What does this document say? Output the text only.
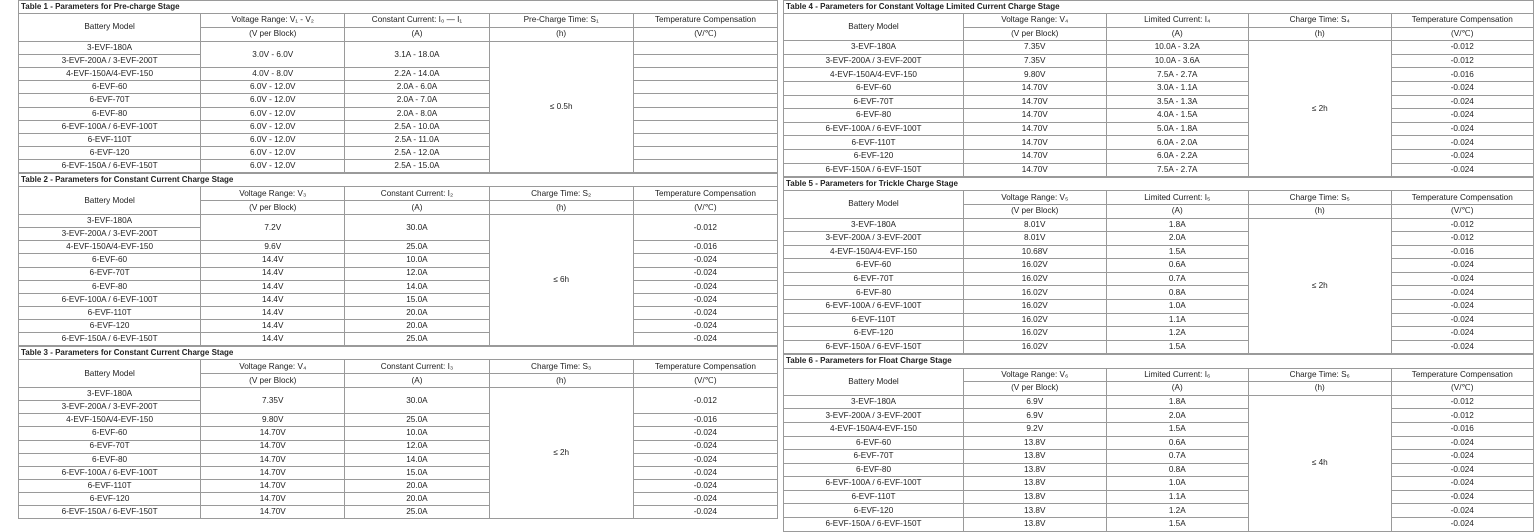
Table 1 - Parameters for Pre-charge Stage				
Battery Model	Voltage Range: V₁ - V₂	Constant Current: I₀ — I₁	Pre-Charge Time: S₁	Temperature Compensation
	(V per Block)	(A)	(h)	(V/℃)
3-EVF-180A	3.0V - 6.0V	3.1A - 18.0A	≤ 0.5h	
3-EVF-200A / 3-EVF-200T				
4-EVF-150A/4-EVF-150	4.0V - 8.0V	2.2A - 14.0A		
6-EVF-60	6.0V - 12.0V	2.0A - 6.0A		
6-EVF-70T	6.0V - 12.0V	2.0A - 7.0A		
6-EVF-80	6.0V - 12.0V	2.0A - 8.0A		
6-EVF-100A / 6-EVF-100T	6.0V - 12.0V	2.5A - 10.0A		
6-EVF-110T	6.0V - 12.0V	2.5A - 11.0A		
6-EVF-120	6.0V - 12.0V	2.5A - 12.0A		
6-EVF-150A / 6-EVF-150T	6.0V - 12.0V	2.5A - 15.0A		
Table 2 - Parameters for Constant Current Charge Stage				
Battery Model	Voltage Range: V₃	Constant Current: I₂	Charge Time: S₂	Temperature Compensation
	(V per Block)	(A)	(h)	(V/℃)
3-EVF-180A	7.2V	30.0A	≤ 6h	-0.012
3-EVF-200A / 3-EVF-200T				
4-EVF-150A/4-EVF-150	9.6V	25.0A		-0.016
6-EVF-60	14.4V	10.0A		-0.024
6-EVF-70T	14.4V	12.0A		-0.024
6-EVF-80	14.4V	14.0A		-0.024
6-EVF-100A / 6-EVF-100T	14.4V	15.0A		-0.024
6-EVF-110T	14.4V	20.0A		-0.024
6-EVF-120	14.4V	20.0A		-0.024
6-EVF-150A / 6-EVF-150T	14.4V	25.0A		-0.024
Table 3 - Parameters for Constant Current Charge Stage				
Battery Model	Voltage Range: V₄	Constant Current: I₃	Charge Time: S₃	Temperature Compensation
	(V per Block)	(A)	(h)	(V/℃)
3-EVF-180A	7.35V	30.0A	≤ 2h	-0.012
3-EVF-200A / 3-EVF-200T				
4-EVF-150A/4-EVF-150	9.80V	25.0A		-0.016
6-EVF-60	14.70V	10.0A		-0.024
6-EVF-70T	14.70V	12.0A		-0.024
6-EVF-80	14.70V	14.0A		-0.024
6-EVF-100A / 6-EVF-100T	14.70V	15.0A		-0.024
6-EVF-110T	14.70V	20.0A		-0.024
6-EVF-120	14.70V	20.0A		-0.024
6-EVF-150A / 6-EVF-150T	14.70V	25.0A		-0.024
Table 4 - Parameters for Constant Voltage Limited Current Charge Stage				
Battery Model	Voltage Range: V₄	Limited Current: I₄	Charge Time: S₄	Temperature Compensation
	(V per Block)	(A)	(h)	(V/℃)
3-EVF-180A	7.35V	10.0A - 3.2A	≤ 2h	-0.012
3-EVF-200A / 3-EVF-200T	7.35V	10.0A - 3.6A		-0.012
4-EVF-150A/4-EVF-150	9.80V	7.5A - 2.7A		-0.016
6-EVF-60	14.70V	3.0A - 1.1A		-0.024
6-EVF-70T	14.70V	3.5A - 1.3A		-0.024
6-EVF-80	14.70V	4.0A - 1.5A		-0.024
6-EVF-100A / 6-EVF-100T	14.70V	5.0A - 1.8A		-0.024
6-EVF-110T	14.70V	6.0A - 2.0A		-0.024
6-EVF-120	14.70V	6.0A - 2.2A		-0.024
6-EVF-150A / 6-EVF-150T	14.70V	7.5A - 2.7A		-0.024
Table 5 - Parameters for Trickle Charge Stage				
Battery Model	Voltage Range: V₅	Limited Current: I₅	Charge Time: S₅	Temperature Compensation
	(V per Block)	(A)	(h)	(V/℃)
3-EVF-180A	8.01V	1.8A	≤ 2h	-0.012
3-EVF-200A / 3-EVF-200T	8.01V	2.0A		-0.012
4-EVF-150A/4-EVF-150	10.68V	1.5A		-0.016
6-EVF-60	16.02V	0.6A		-0.024
6-EVF-70T	16.02V	0.7A		-0.024
6-EVF-80	16.02V	0.8A		-0.024
6-EVF-100A / 6-EVF-100T	16.02V	1.0A		-0.024
6-EVF-110T	16.02V	1.1A		-0.024
6-EVF-120	16.02V	1.2A		-0.024
6-EVF-150A / 6-EVF-150T	16.02V	1.5A		-0.024
Table 6 - Parameters for Float Charge Stage				
Battery Model	Voltage Range: V₆	Limited Current: I₆	Charge Time: S₆	Temperature Compensation
	(V per Block)	(A)	(h)	(V/℃)
3-EVF-180A	6.9V	1.8A	≤ 4h	-0.012
3-EVF-200A / 3-EVF-200T	6.9V	2.0A		-0.012
4-EVF-150A/4-EVF-150	9.2V	1.5A		-0.016
6-EVF-60	13.8V	0.6A		-0.024
6-EVF-70T	13.8V	0.7A		-0.024
6-EVF-80	13.8V	0.8A		-0.024
6-EVF-100A / 6-EVF-100T	13.8V	1.0A		-0.024
6-EVF-110T	13.8V	1.1A		-0.024
6-EVF-120	13.8V	1.2A		-0.024
6-EVF-150A / 6-EVF-150T	13.8V	1.5A		-0.024
